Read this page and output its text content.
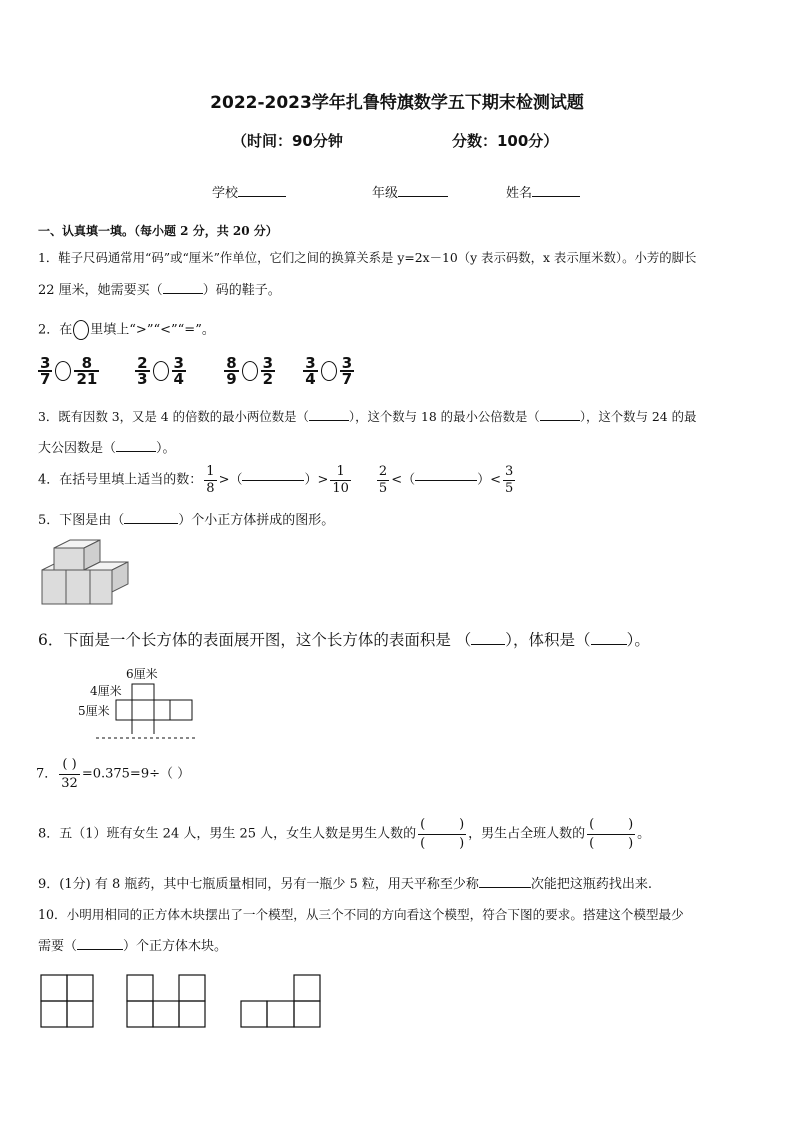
2022-2023学年扎鲁特旗数学五下期末检测试题
（时间：90分钟	分数：100分）
学校	年级	姓名
一、认真填一填。（每小题 2 分，共 20 分）
1．鞋子尺码通常用“码”或“厘米”作单位，它们之间的换算关系是 y=2x－10（y 表示码数，x 表示厘米数）。小芳的脚长
22 厘米，她需要买（	）码的鞋子。
2．在 里填上“>”“<”“=”。
$\frac{3}{7} \frac{8}{21}$
$\frac{2}{3} \frac{3}{4}$
	$\frac{8}{9} \frac{3}{2}$
$\frac{3}{4} \frac{3}{7}$
3．既有因数 3，又是 4 的倍数的最小两位数是（	），这个数与 18 的最小公倍数是（	），这个数与 24 的最
大公因数是（	）。
4．在括号里填上适当的数： $\frac{1}{8}$ >（	）> $\frac{1}{10} \frac{2}{5}$ <（	）< $\frac{3}{5}$
5．下图是由（	）个小正方体拼成的图形。
6．下面是一个长方体的表面展开图，这个长方体的表面积是 （ ），体积是（ ）。
6厘米
4厘米
5厘米
7． $\frac{( )}{32} =0.375=9\div$（ ）
8．五（1）班有女生 24 人，男生 25 人，女生人数是男生人数的 (	)
(	) ，男生占全班人数的 (	)
(	) 。
9．(1分) 有 8 瓶药，其中七瓶质量相同，另有一瓶少 5 粒，用天平称至少称	次能把这瓶药找出来.
10．小明用相同的正方体木块摆出了一个模型，从三个不同的方向看这个模型，符合下图的要求。搭建这个模型最少
需要（	）个正方体木块。
